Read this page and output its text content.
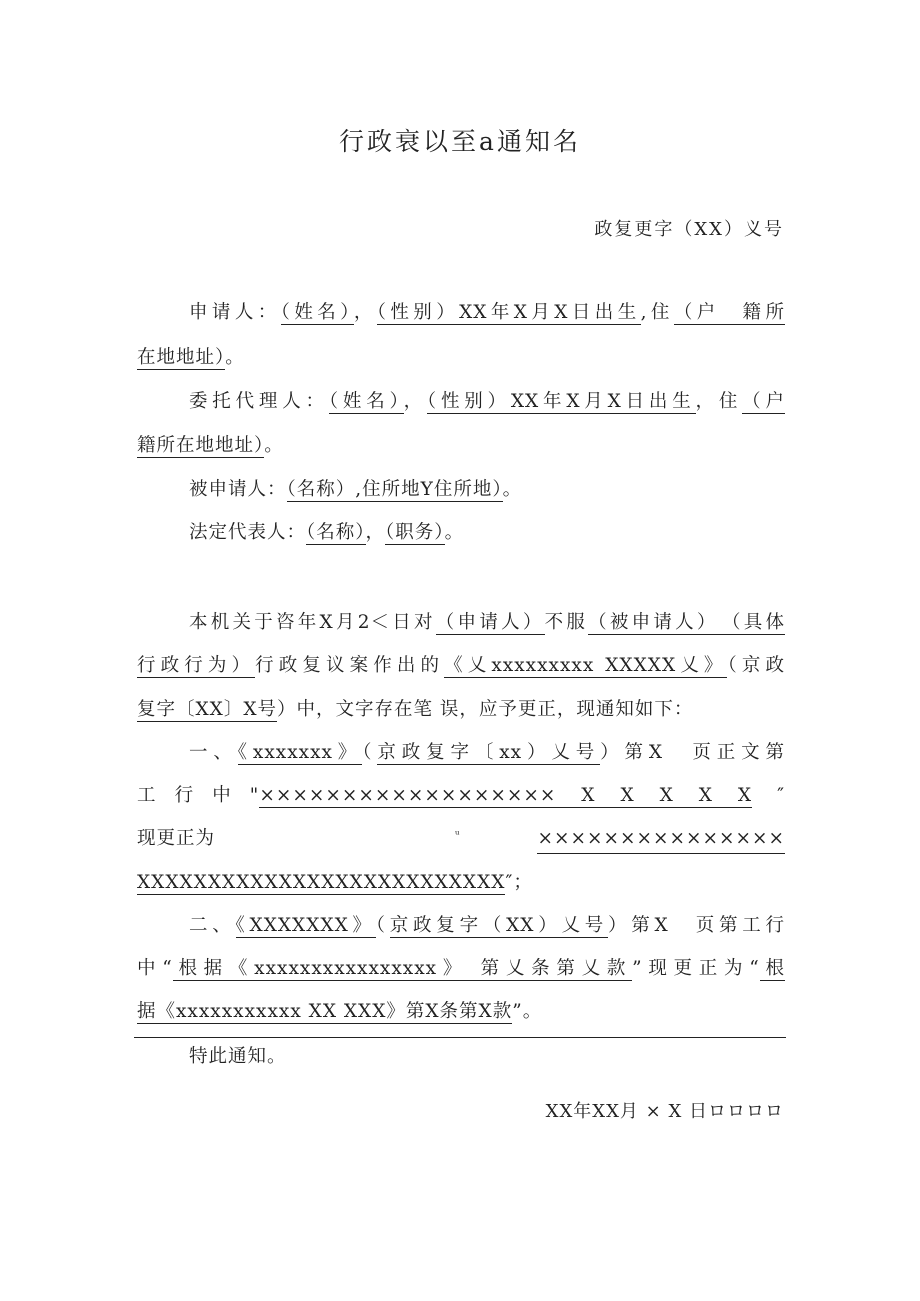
行政衰以至a通知名
政复更字（XX）义号
申请人：（姓名），（性别）XX年X月X日出生,住（户　籍所
在地地址）。
委托代理人：（姓名），（性别）XX年X月X日出生，住（户
籍所在地地址）。
被申请人：（名称）,住所地Y住所地）。
法定代表人：（名称），（职务）。
本机关于咨年X月2＜日对（申请人）不服（被申请人）　（具体
行政行为）行政复议案作出的《乂xxxxxxxxx XXXXX乂》（京政
复字〔XX〕X号）中，文字存在笔 误，应予更正，现通知如下：
一、《xxxxxxx》（京政复字〔xx）乂号）第X　页正文第
工行中"×××××××××××××××××× X X X X X ″
现更正为	ᵘ	×××××××××××××××
XXXXXXXXXXXXXXXXXXXXXXXXXX″；
二、《XXXXXXX》（京政复字（XX）乂号）第X　页第工行
中“根据《xxxxxxxxxxxxxxxx》 第乂条第乂款”现更正为“根
据《xxxxxxxxxxx XX XXX》第X条第X款”。
特此通知。
XX年XX月 × X 日ロロロロ
